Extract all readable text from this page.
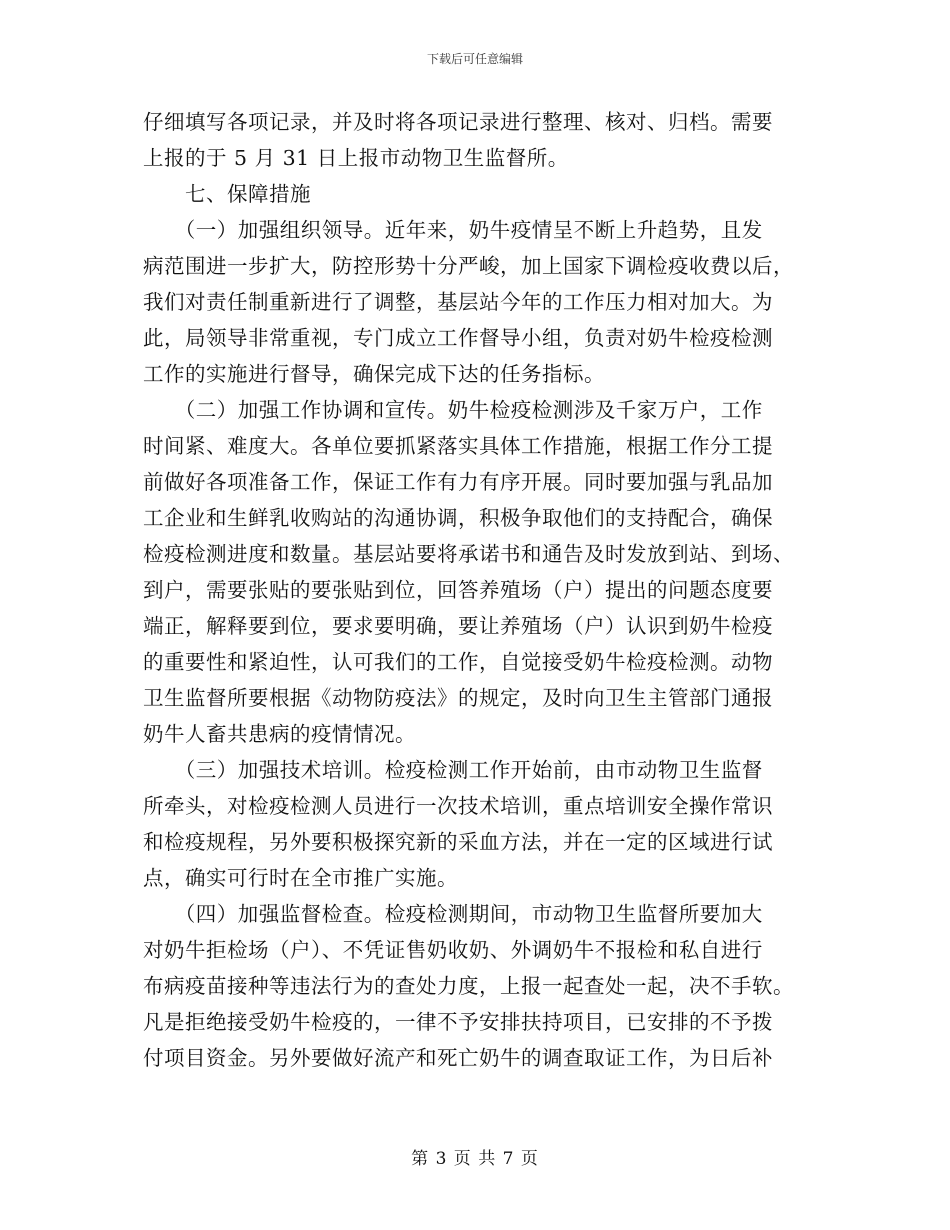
下载后可任意编辑

仔细填写各项记录，并及时将各项记录进行整理、核对、归档。需要
上报的于 5 月 31 日上报市动物卫生监督所。
　　七、保障措施
　　（一）加强组织领导。近年来，奶牛疫情呈不断上升趋势，且发
病范围进一步扩大，防控形势十分严峻，加上国家下调检疫收费以后，
我们对责任制重新进行了调整，基层站今年的工作压力相对加大。为
此，局领导非常重视，专门成立工作督导小组，负责对奶牛检疫检测
工作的实施进行督导，确保完成下达的任务指标。
　　（二）加强工作协调和宣传。奶牛检疫检测涉及千家万户，工作
时间紧、难度大。各单位要抓紧落实具体工作措施，根据工作分工提
前做好各项准备工作，保证工作有力有序开展。同时要加强与乳品加
工企业和生鲜乳收购站的沟通协调，积极争取他们的支持配合，确保
检疫检测进度和数量。基层站要将承诺书和通告及时发放到站、到场、
到户，需要张贴的要张贴到位，回答养殖场（户）提出的问题态度要
端正，解释要到位，要求要明确，要让养殖场（户）认识到奶牛检疫
的重要性和紧迫性，认可我们的工作，自觉接受奶牛检疫检测。动物
卫生监督所要根据《动物防疫法》的规定，及时向卫生主管部门通报
奶牛人畜共患病的疫情情况。
　　（三）加强技术培训。检疫检测工作开始前，由市动物卫生监督
所牵头，对检疫检测人员进行一次技术培训，重点培训安全操作常识
和检疫规程，另外要积极探究新的采血方法，并在一定的区域进行试
点，确实可行时在全市推广实施。
　　（四）加强监督检查。检疫检测期间，市动物卫生监督所要加大
对奶牛拒检场（户）、不凭证售奶收奶、外调奶牛不报检和私自进行
布病疫苗接种等违法行为的查处力度，上报一起查处一起，决不手软。
凡是拒绝接受奶牛检疫的，一律不予安排扶持项目，已安排的不予拨
付项目资金。另外要做好流产和死亡奶牛的调查取证工作，为日后补

第 3 页 共 7 页
